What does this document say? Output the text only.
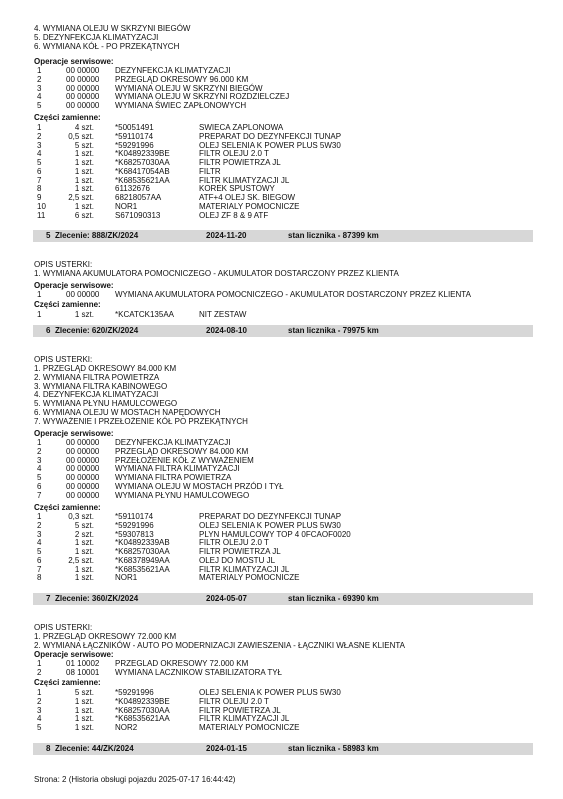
4. WYMIANA OLEJU W SKRZYNI BIEGÓW
5. DEZYNFEKCJA KLIMATYZACJI
6. WYMIANA KÓŁ - PO PRZEKĄTNYCH
Operacje serwisowe:
1	00 00000 DEZYNFEKCJA KLIMATYZACJI
2	00 00000 PRZEGLĄD OKRESOWY 96.000 KM
3	00 00000 WYMIANA OLEJU W SKRZYNI BIEGÓW
4	00 00000 WYMIANA OLEJU W SKRZYNI ROZDZIELCZEJ
5	00 00000 WYMIANA ŚWIEC ZAPŁONOWYCH
Części zamienne:
1	4 szt.	*50051491	SWIECA ZAPLONOWA
2	0,5 szt.	*59110174	PREPARAT DO DEZYNFEKCJI TUNAP
3	5 szt.	*59291996	OLEJ SELENIA K POWER PLUS 5W30
4	1 szt.	*K04892339BE	FILTR OLEJU 2.0 T
5	1 szt.	*K68257030AA	FILTR POWIETRZA JL
6	1 szt.	*K68417054AB	FILTR
7	1 szt.	*K68535621AA	FILTR KLIMATYZACJI JL
8	1 szt.	61132676	KOREK SPUSTOWY
9	2,5 szt.	68218057AA	ATF+4 OLEJ SK. BIEGOW
10	1 szt.	NOR1	MATERIALY POMOCNICZE
11	6 szt.	S671090313	OLEJ ZF 8 & 9 ATF
5 Zlecenie: 888/ZK/2024	2024-11-20	stan licznika - 87399 km
OPIS USTERKI:
1. WYMIANA AKUMULATORA POMOCNICZEGO - AKUMULATOR DOSTARCZONY PRZEZ KLIENTA
Operacje serwisowe:
1	00 00000 WYMIANA AKUMULATORA POMOCNICZEGO - AKUMULATOR DOSTARCZONY PRZEZ KLIENTA
Części zamienne:
1	1 szt.	*KCATCK135AA	NIT ZESTAW
6 Zlecenie: 620/ZK/2024	2024-08-10	stan licznika - 79975 km
OPIS USTERKI:
1. PRZEGLĄD OKRESOWY 84.000 KM
2. WYMIANA FILTRA POWIETRZA
3. WYMIANA FILTRA KABINOWEGO
4. DEZYNFEKCJA KLIMATYZACJI
5. WYMIANA PŁYNU HAMULCOWEGO
6. WYMIANA OLEJU W MOSTACH NAPĘDOWYCH
7. WYWAŻENIE I PRZEŁOŻENIE KÓŁ PO PRZEKĄTNYCH
Operacje serwisowe:
1	00 00000 DEZYNFEKCJA KLIMATYZACJI
2	00 00000 PRZEGLĄD OKRESOWY 84.000 KM
3	00 00000 PRZEŁOŻENIE KÓŁ Z WYWAŻENIEM
4	00 00000 WYMIANA FILTRA KLIMATYZACJI
5	00 00000 WYMIANA FILTRA POWIETRZA
6	00 00000 WYMIANA OLEJU W MOSTACH PRZÓD I TYŁ
7	00 00000 WYMIANA PŁYNU HAMULCOWEGO
Części zamienne:
1	0,3 szt.	*59110174	PREPARAT DO DEZYNFEKCJI TUNAP
2	5 szt.	*59291996	OLEJ SELENIA K POWER PLUS 5W30
3	2 szt.	*59307813	PLYN HAMULCOWY TOP 4 0FCAOF0020
4	1 szt.	*K04892339AB	FILTR OLEJU 2.0 T
5	1 szt.	*K68257030AA	FILTR POWIETRZA JL
6	2,5 szt.	*K68378949AA	OLEJ DO MOSTU JL
7	1 szt.	*K68535621AA	FILTR KLIMATYZACJI JL
8	1 szt.	NOR1	MATERIALY POMOCNICZE
7 Zlecenie: 360/ZK/2024	2024-05-07	stan licznika - 69390 km
OPIS USTERKI:
1. PRZEGLĄD OKRESOWY 72.000 KM
2. WYMIANA ŁĄCZNIKÓW - AUTO PO MODERNIZACJI ZAWIESZENIA - ŁĄCZNIKI WŁASNE KLIENTA
Operacje serwisowe:
1	01 10002 PRZEGLAD OKRESOWY 72.000 KM
2	08 10001 WYMIANA LACZNIKOW STABILIZATORA TYŁ
Części zamienne:
1	5 szt.	*59291996	OLEJ SELENIA K POWER PLUS 5W30
2	1 szt.	*K04892339BE	FILTR OLEJU 2.0 T
3	1 szt.	*K68257030AA	FILTR POWIETRZA JL
4	1 szt.	*K68535621AA	FILTR KLIMATYZACJI JL
5	1 szt.	NOR2	MATERIALY POMOCNICZE
8 Zlecenie: 44/ZK/2024	2024-01-15	stan licznika - 58983 km
Strona: 2 (Historia obsługi pojazdu 2025-07-17 16:44:42)
